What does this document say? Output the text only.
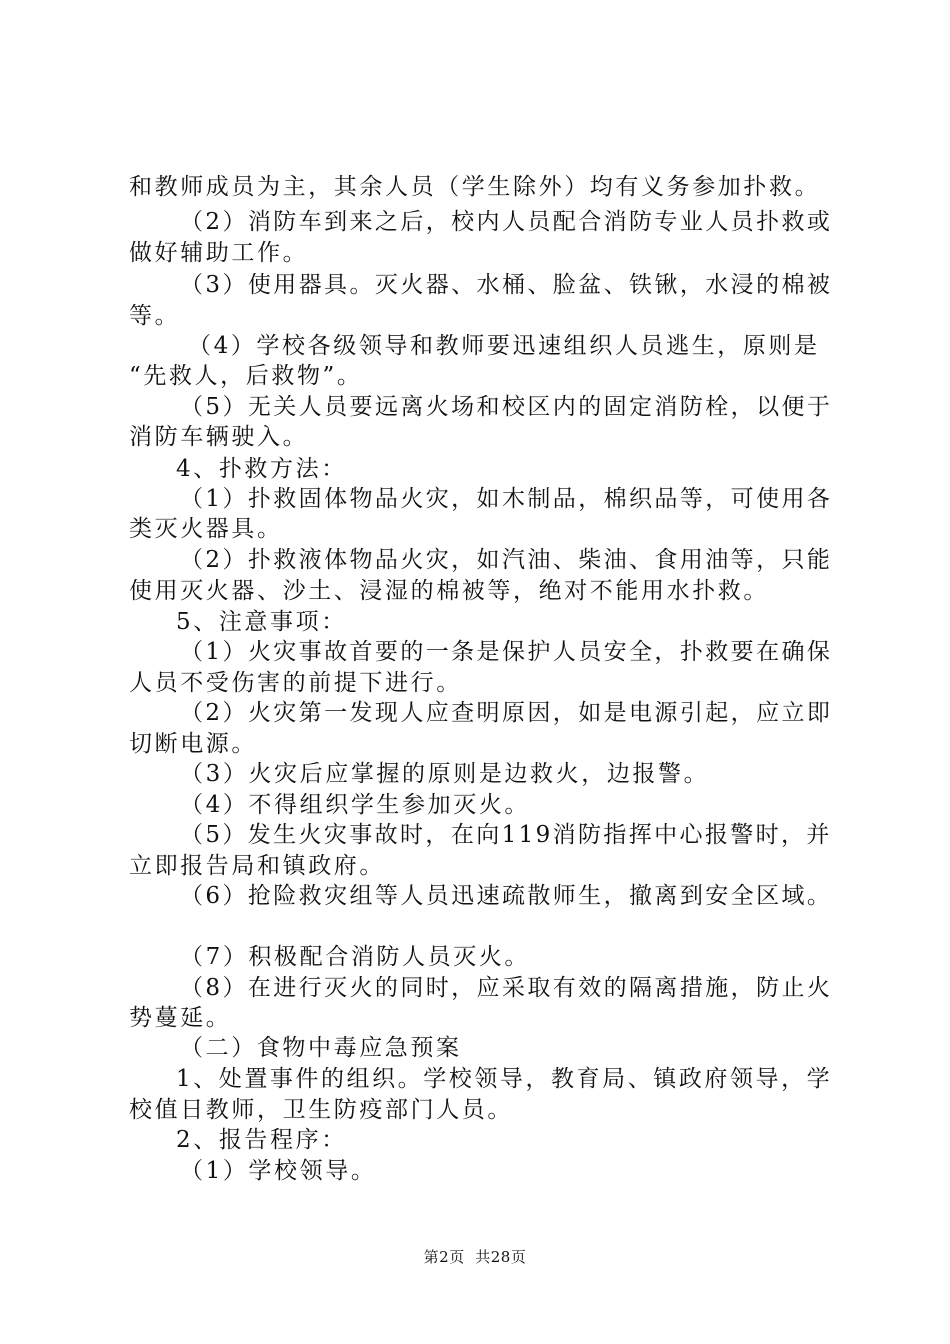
和教师成员为主，其余人员（学生除外）均有义务参加扑救。
（2）消防车到来之后，校内人员配合消防专业人员扑救或
做好辅助工作。
（3）使用器具。灭火器、水桶、脸盆、铁锹，水浸的棉被
等。
（4）学校各级领导和教师要迅速组织人员逃生，原则是
“先救人，后救物”。
（5）无关人员要远离火场和校区内的固定消防栓，以便于
消防车辆驶入。
4、扑救方法：
（1）扑救固体物品火灾，如木制品，棉织品等，可使用各
类灭火器具。
（2）扑救液体物品火灾，如汽油、柴油、食用油等，只能
使用灭火器、沙土、浸湿的棉被等，绝对不能用水扑救。
5、注意事项：
（1）火灾事故首要的一条是保护人员安全，扑救要在确保
人员不受伤害的前提下进行。
（2）火灾第一发现人应查明原因，如是电源引起，应立即
切断电源。
（3）火灾后应掌握的原则是边救火，边报警。
（4）不得组织学生参加灭火。
（5）发生火灾事故时，在向119消防指挥中心报警时，并
立即报告局和镇政府。
（6）抢险救灾组等人员迅速疏散师生，撤离到安全区域。
（7）积极配合消防人员灭火。
（8）在进行灭火的同时，应采取有效的隔离措施，防止火
势蔓延。
（二）食物中毒应急预案
1、处置事件的组织。学校领导，教育局、镇政府领导，学
校值日教师，卫生防疫部门人员。
2、报告程序：
（1）学校领导。
第2页  共28页
